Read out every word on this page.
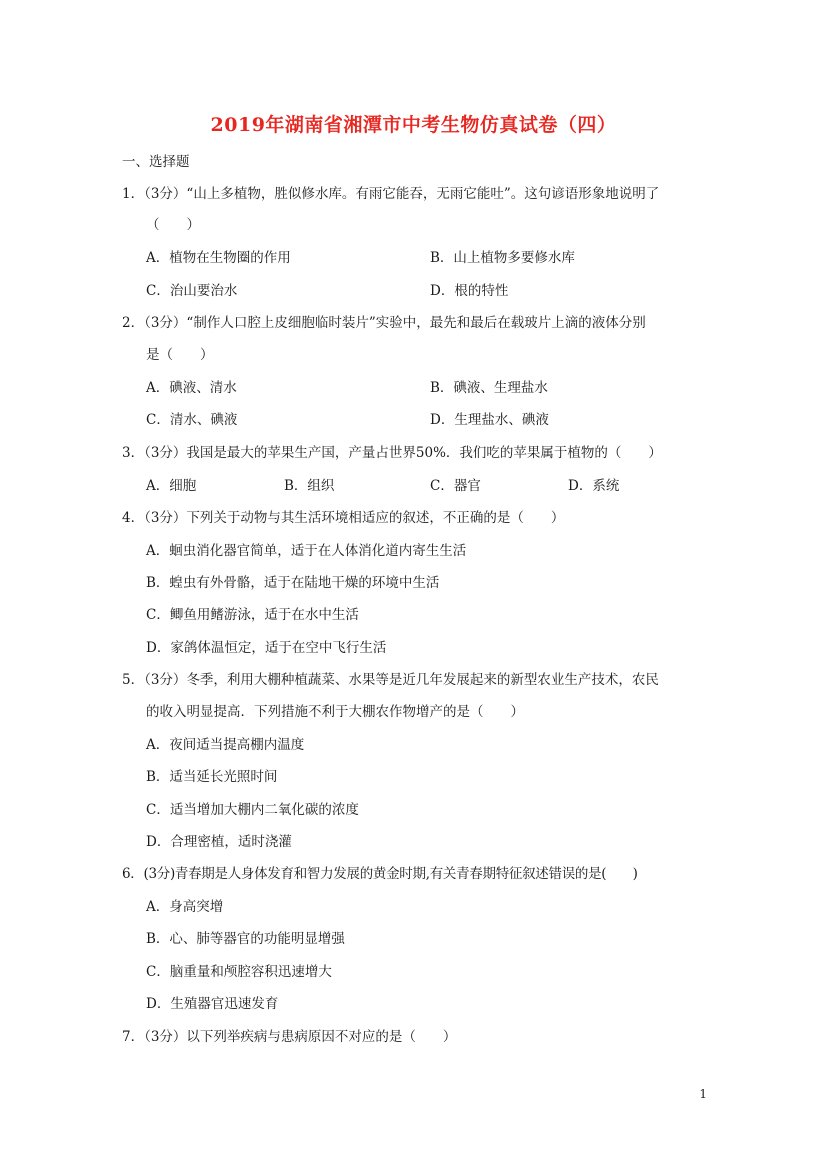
2019年湖南省湘潭市中考生物仿真试卷（四）
一、选择题
1．（3分）“山上多植物，胜似修水库。有雨它能吞，无雨它能吐”。这句谚语形象地说明了
（　　）
A．植物在生物圈的作用	B．山上植物多要修水库
C．治山要治水	D．根的特性
2．（3分）“制作人口腔上皮细胞临时装片”实验中，最先和最后在载玻片上滴的液体分别
是（　　）
A．碘液、清水	B．碘液、生理盐水
C．清水、碘液	D．生理盐水、碘液
3．（3分）我国是最大的苹果生产国，产量占世界50%．我们吃的苹果属于植物的（　　）
A．细胞	B．组织	C．器官	D．系统
4．（3分）下列关于动物与其生活环境相适应的叙述，不正确的是（　　）
A．蛔虫消化器官简单，适于在人体消化道内寄生生活
B．蝗虫有外骨骼，适于在陆地干燥的环境中生活
C．鲫鱼用鳍游泳，适于在水中生活
D．家鸽体温恒定，适于在空中飞行生活
5．（3分）冬季，利用大棚种植蔬菜、水果等是近几年发展起来的新型农业生产技术，农民
的收入明显提高．下列措施不利于大棚农作物增产的是（　　）
A．夜间适当提高棚内温度
B．适当延长光照时间
C．适当增加大棚内二氧化碳的浓度
D．合理密植，适时浇灌
6．(3分)青春期是人身体发育和智力发展的黄金时期,有关青春期特征叙述错误的是(　　)
A．身高突增
B．心、肺等器官的功能明显增强
C．脑重量和颅腔容积迅速增大
D．生殖器官迅速发育
7．（3分）以下列举疾病与患病原因不对应的是（　　）
1
